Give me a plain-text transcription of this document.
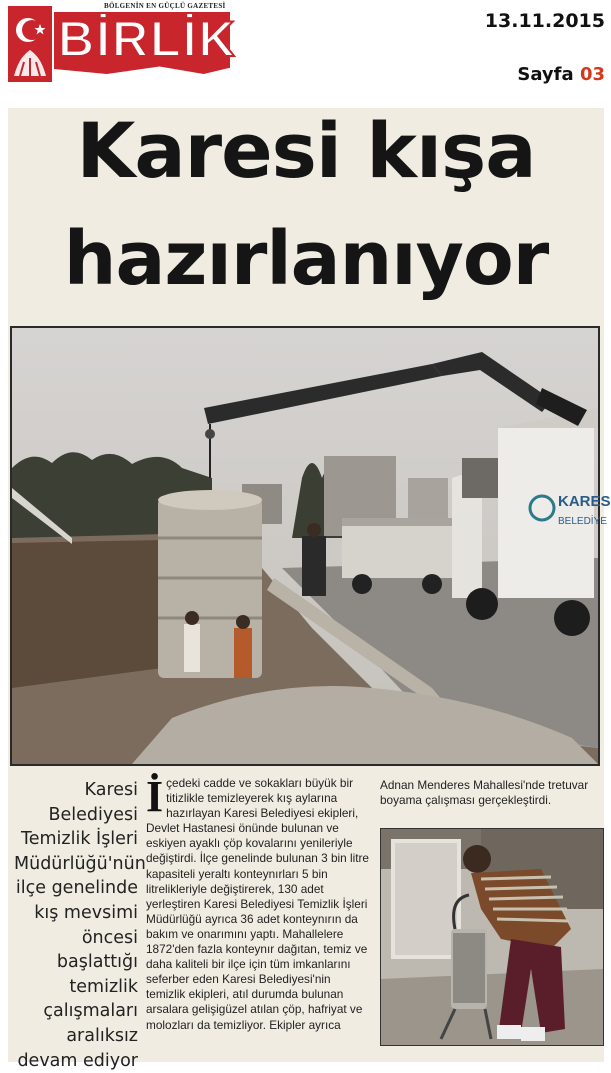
BİRLİK
BÖLGENİN EN GÜÇLÜ GAZETESİ
13.11.2015
Sayfa 03
Karesi kışa
hazırlanıyor
KARES
BELEDİYE
Karesi Belediyesi Temizlik İşleri Müdürlüğü'nün ilçe genelinde kış mevsimi öncesi başlattığı temizlik çalışmaları aralıksız devam ediyor
İçedeki cadde ve sokakları büyük bir titizlikle temizleyerek kış aylarına hazırlayan Karesi Belediyesi ekipleri, Devlet Hastanesi önünde bulunan ve eskiyen ayaklı çöp kovalarını yenileriyle değiştirdi. İlçe genelinde bulunan 3 bin litre kapasiteli yeraltı konteynırları 5 bin litrelikleriyle değiştirerek, 130 adet yerleştiren Karesi Belediyesi Temizlik İşleri Müdürlüğü ayrıca 36 adet konteynırın da bakım ve onarımını yaptı. Mahallelere 1872'den fazla konteynır dağıtan, temiz ve daha kaliteli bir ilçe için tüm imkanlarını seferber eden Karesi Belediyesi'nin temizlik ekipleri, atıl durumda bulunan arsalara gelişigüzel atılan çöp, hafriyat ve molozları da temizliyor. Ekipler ayrıca
Adnan Menderes Mahallesi'nde tretuvar boyama çalışması gerçekleştirdi.
